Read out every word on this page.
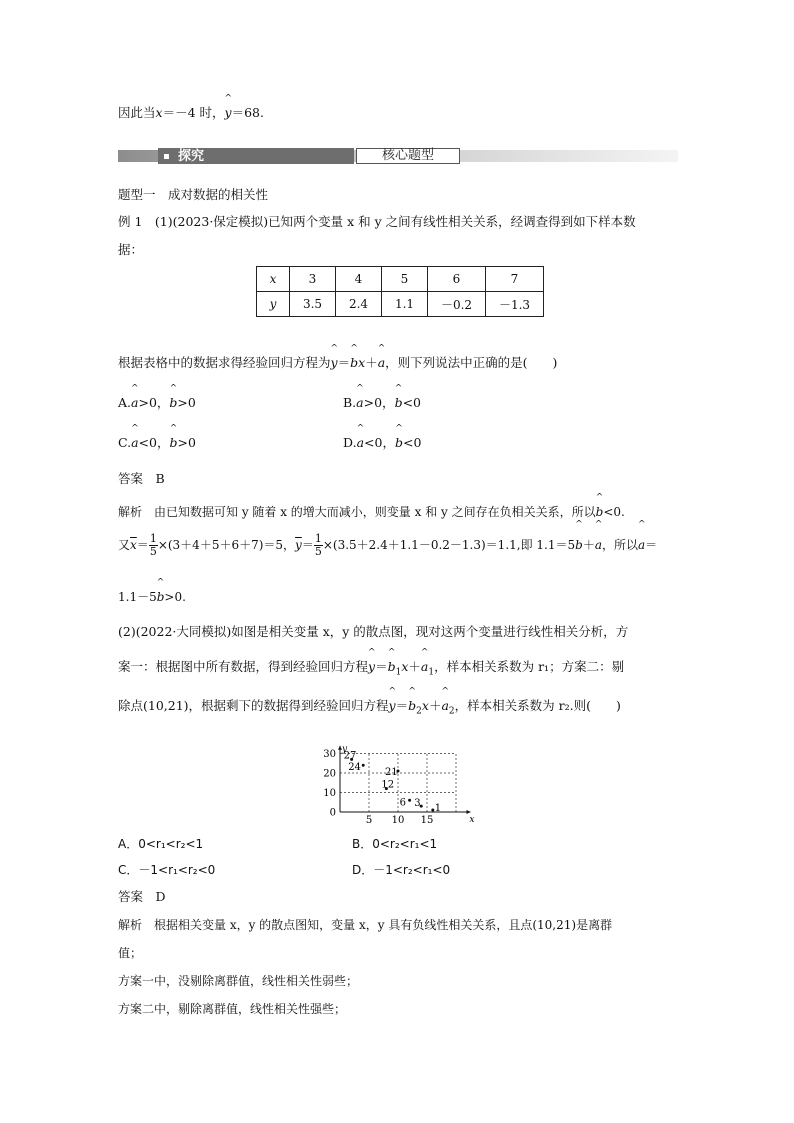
因此当x＝－4 时，^ y＝68.
探究	核心题型
题型一　成对数据的相关性
例 1　(1)(2023·保定模拟)已知两个变量 x 和 y 之间有线性相关关系，经调查得到如下样本数
据：
x	3	4	5	6	7
y	3.5	2.4	1.1	－0.2	－1.3
根据表格中的数据求得经验回归方程为^ y＝^ bx＋^ a，则下列说法中正确的是(　　)
A.^ a>0，^ b>0	B.^ a>0，^ b<0
C.^ a<0，^ b>0	D.^ a<0，^ b<0
答案　B
解析　由已知数据可知 y 随着 x 的增大而减小，则变量 x 和 y 之间存在负相关关系，所以^ b<0.
又$\overline{x}= \frac{1}{5} \times(3+4+5+6+7)=5$，$\overline{y}= \frac{1}{5} \times(3.5+2.4+1.1-0.2-1.3)=1.1$,即 1.1＝5^ b＋^ a，所以^ a＝
1.1－5^ b>0.
(2)(2022·大同模拟)如图是相关变量 x，y 的散点图，现对这两个变量进行线性相关分析，方
案一：根据图中所有数据，得到经验回归方程^ y＝^ $b_1x+\^{}$ $a_1$，样本相关系数为 r₁；方案二：剔
除点(10,21)，根据剩下的数据得到经验回归方程^ y＝^ $b_2x+\^{}$ $a_2$，样本相关系数为 r₂.则(　　)
x
y
5 10 15
30
20
10
0
27
24 21
12
6 3 1
A．0<r₁<r₂<1	B．0<r₂<r₁<1
C．－1<r₁<r₂<0	D．－1<r₂<r₁<0
答案　D
解析　根据相关变量 x，y 的散点图知，变量 x，y 具有负线性相关关系，且点(10,21)是离群
值；
方案一中，没剔除离群值，线性相关性弱些；
方案二中，剔除离群值，线性相关性强些；
